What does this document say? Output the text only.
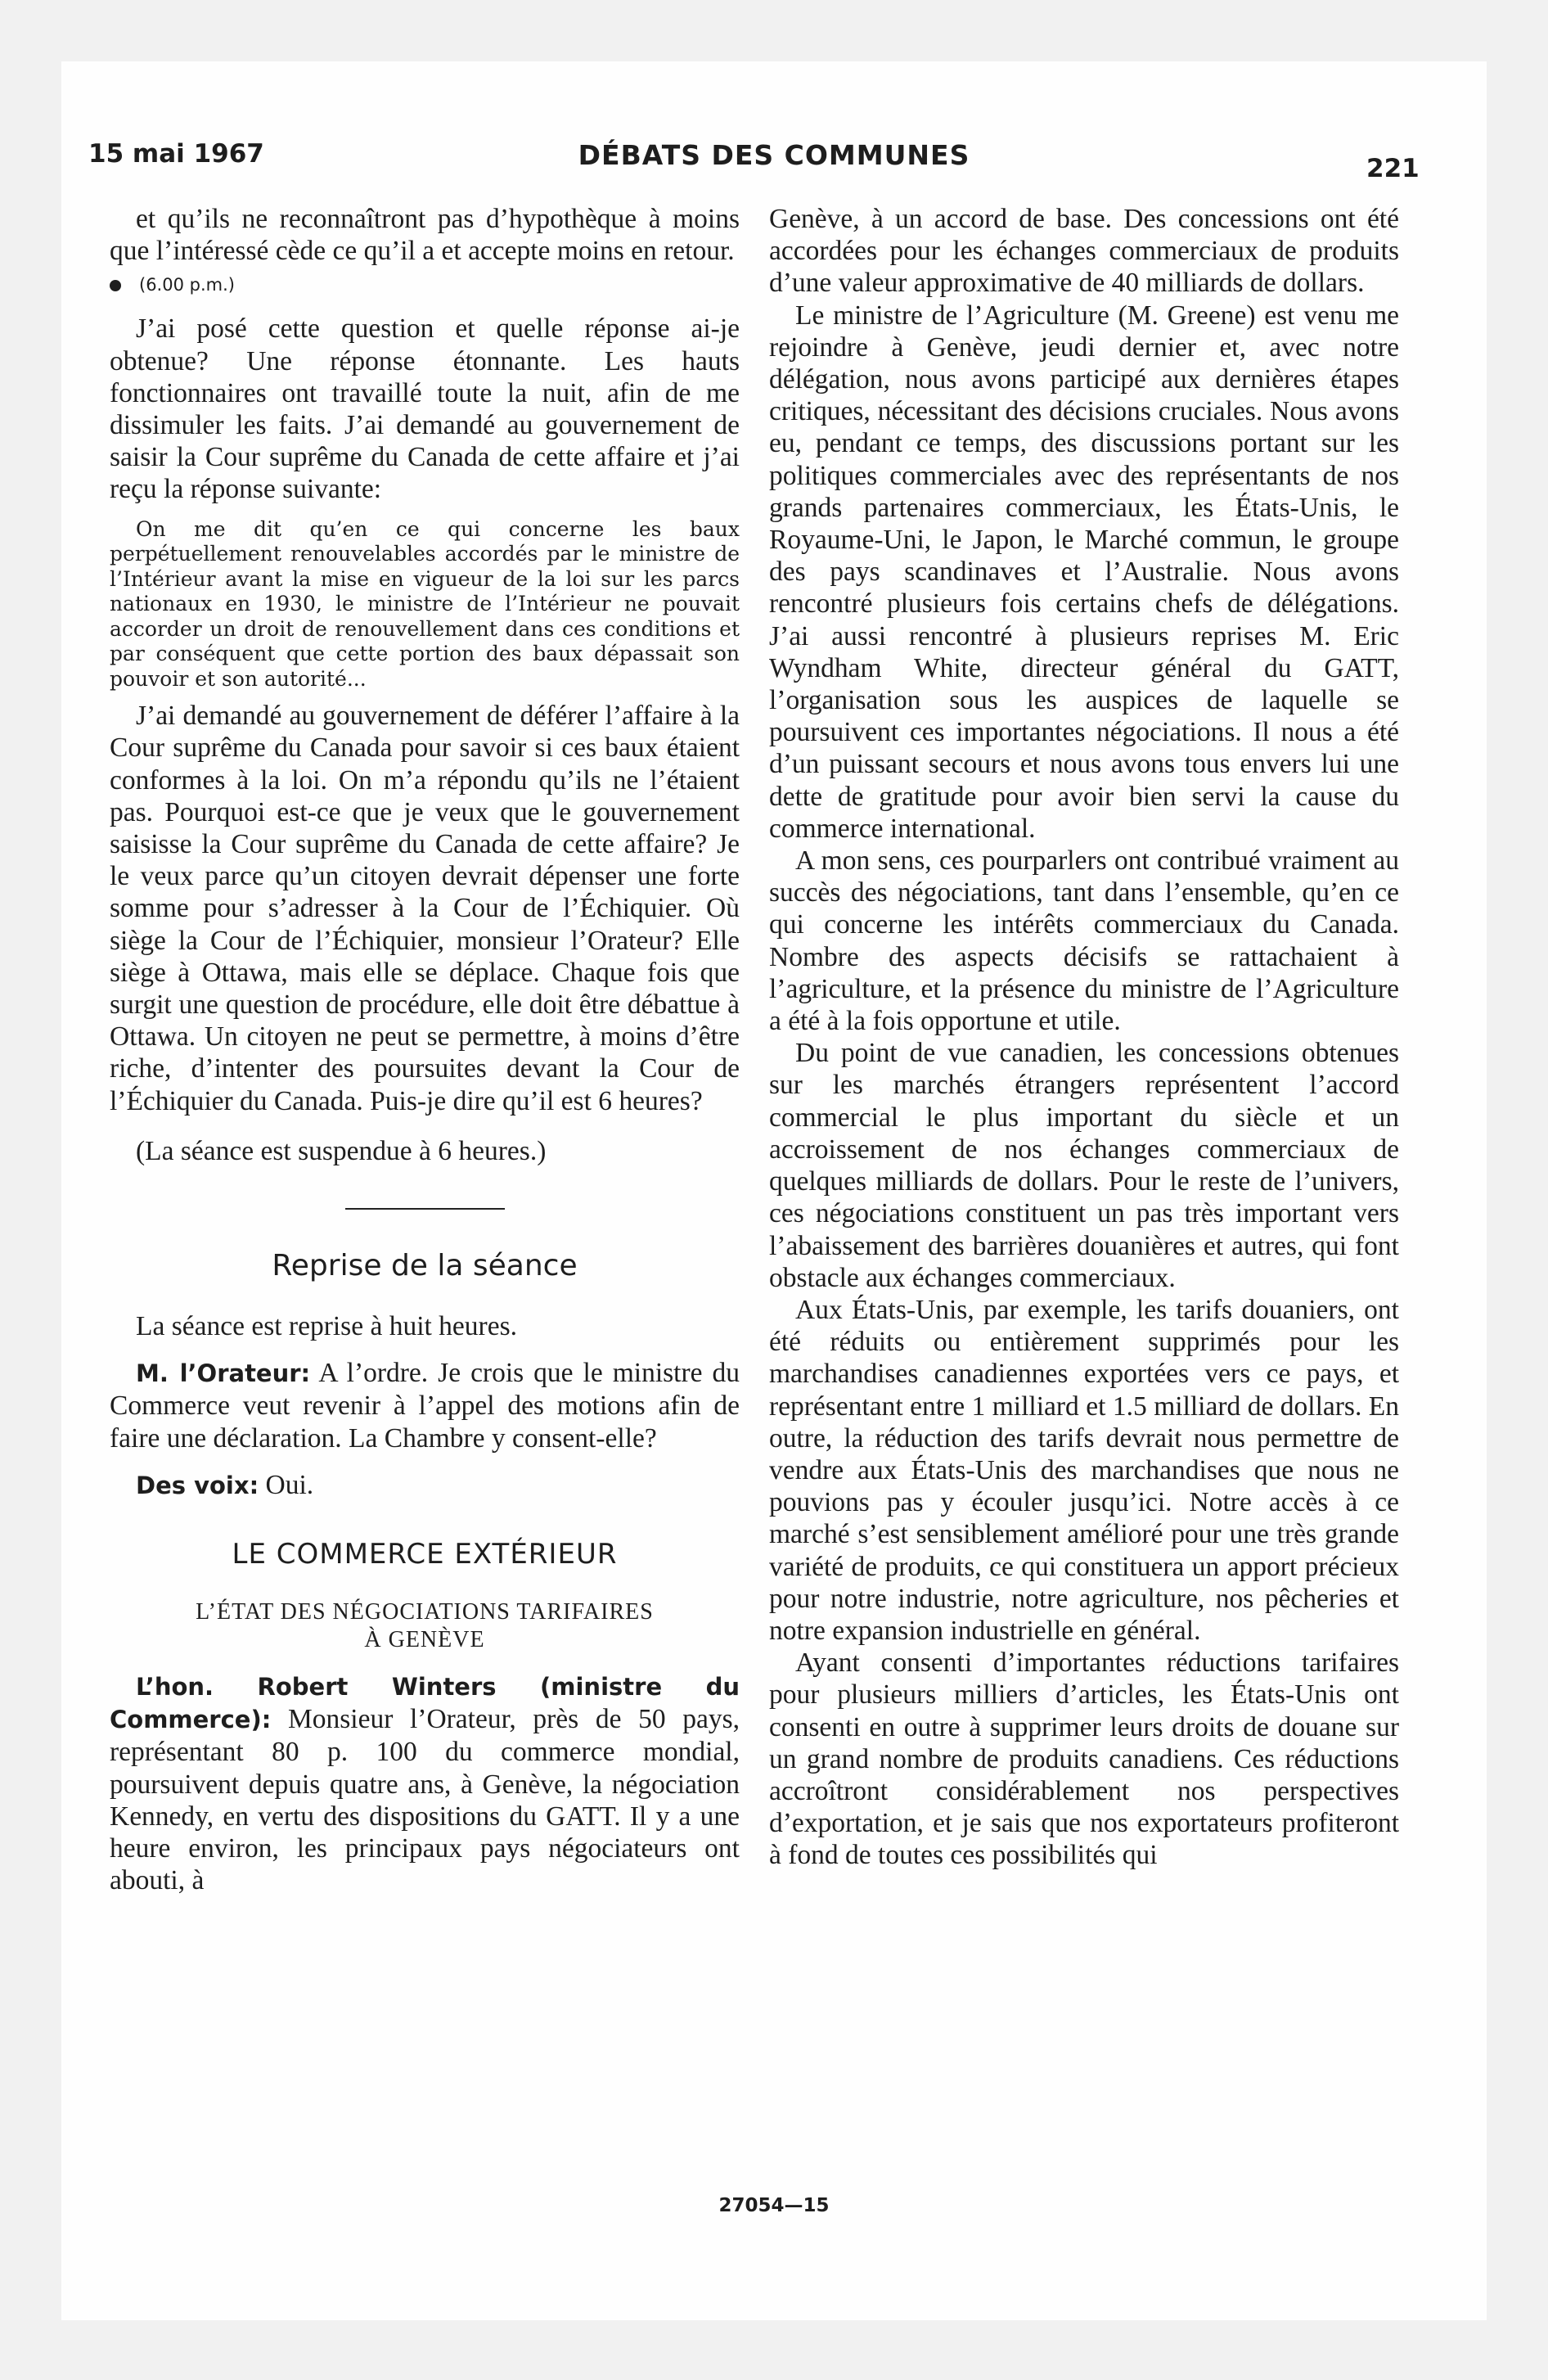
15 mai 1967	DÉBATS DES COMMUNES	221

et qu’ils ne reconnaîtront pas d’hypothèque à moins que l’intéressé cède ce qu’il a et accepte moins en retour.

(6.00 p.m.)

J’ai posé cette question et quelle réponse ai-je obtenue? Une réponse étonnante. Les hauts fonctionnaires ont travaillé toute la nuit, afin de me dissimuler les faits. J’ai demandé au gouvernement de saisir la Cour suprême du Canada de cette affaire et j’ai reçu la réponse suivante:

On me dit qu’en ce qui concerne les baux perpétuellement renouvelables accordés par le ministre de l’Intérieur avant la mise en vigueur de la loi sur les parcs nationaux en 1930, le ministre de l’Intérieur ne pouvait accorder un droit de renouvellement dans ces conditions et par conséquent que cette portion des baux dépassait son pouvoir et son autorité...

J’ai demandé au gouvernement de déférer l’affaire à la Cour suprême du Canada pour savoir si ces baux étaient conformes à la loi. On m’a répondu qu’ils ne l’étaient pas. Pourquoi est-ce que je veux que le gouvernement saisisse la Cour suprême du Canada de cette affaire? Je le veux parce qu’un citoyen devrait dépenser une forte somme pour s’adresser à la Cour de l’Échiquier. Où siège la Cour de l’Échiquier, monsieur l’Orateur? Elle siège à Ottawa, mais elle se déplace. Chaque fois que surgit une question de procédure, elle doit être débattue à Ottawa. Un citoyen ne peut se permettre, à moins d’être riche, d’intenter des poursuites devant la Cour de l’Échiquier du Canada. Puis-je dire qu’il est 6 heures?

(La séance est suspendue à 6 heures.)

Reprise de la séance

La séance est reprise à huit heures.

M. l’Orateur: A l’ordre. Je crois que le ministre du Commerce veut revenir à l’appel des motions afin de faire une déclaration. La Chambre y consent-elle?

Des voix: Oui.

LE COMMERCE EXTÉRIEUR
L’ÉTAT DES NÉGOCIATIONS TARIFAIRES
À GENÈVE

L’hon. Robert Winters (ministre du Commerce): Monsieur l’Orateur, près de 50 pays, représentant 80 p. 100 du commerce mondial, poursuivent depuis quatre ans, à Genève, la négociation Kennedy, en vertu des dispositions du GATT. Il y a une heure environ, les principaux pays négociateurs ont abouti, à

Genève, à un accord de base. Des concessions ont été accordées pour les échanges commerciaux de produits d’une valeur approximative de 40 milliards de dollars.

Le ministre de l’Agriculture (M. Greene) est venu me rejoindre à Genève, jeudi dernier et, avec notre délégation, nous avons participé aux dernières étapes critiques, nécessitant des décisions cruciales. Nous avons eu, pendant ce temps, des discussions portant sur les politiques commerciales avec des représentants de nos grands partenaires commerciaux, les États-Unis, le Royaume-Uni, le Japon, le Marché commun, le groupe des pays scandinaves et l’Australie. Nous avons rencontré plusieurs fois certains chefs de délégations. J’ai aussi rencontré à plusieurs reprises M. Eric Wyndham White, directeur général du GATT, l’organisation sous les auspices de laquelle se poursuivent ces importantes négociations. Il nous a été d’un puissant secours et nous avons tous envers lui une dette de gratitude pour avoir bien servi la cause du commerce international.

A mon sens, ces pourparlers ont contribué vraiment au succès des négociations, tant dans l’ensemble, qu’en ce qui concerne les intérêts commerciaux du Canada. Nombre des aspects décisifs se rattachaient à l’agriculture, et la présence du ministre de l’Agriculture a été à la fois opportune et utile.

Du point de vue canadien, les concessions obtenues sur les marchés étrangers représentent l’accord commercial le plus important du siècle et un accroissement de nos échanges commerciaux de quelques milliards de dollars. Pour le reste de l’univers, ces négociations constituent un pas très important vers l’abaissement des barrières douanières et autres, qui font obstacle aux échanges commerciaux.

Aux États-Unis, par exemple, les tarifs douaniers, ont été réduits ou entièrement supprimés pour les marchandises canadiennes exportées vers ce pays, et représentant entre 1 milliard et 1.5 milliard de dollars. En outre, la réduction des tarifs devrait nous permettre de vendre aux États-Unis des marchandises que nous ne pouvions pas y écouler jusqu’ici. Notre accès à ce marché s’est sensiblement amélioré pour une très grande variété de produits, ce qui constituera un apport précieux pour notre industrie, notre agriculture, nos pêcheries et notre expansion industrielle en général.

Ayant consenti d’importantes réductions tarifaires pour plusieurs milliers d’articles, les États-Unis ont consenti en outre à supprimer leurs droits de douane sur un grand nombre de produits canadiens. Ces réductions accroîtront considérablement nos perspectives d’exportation, et je sais que nos exportateurs profiteront à fond de toutes ces possibilités qui

27054—15
